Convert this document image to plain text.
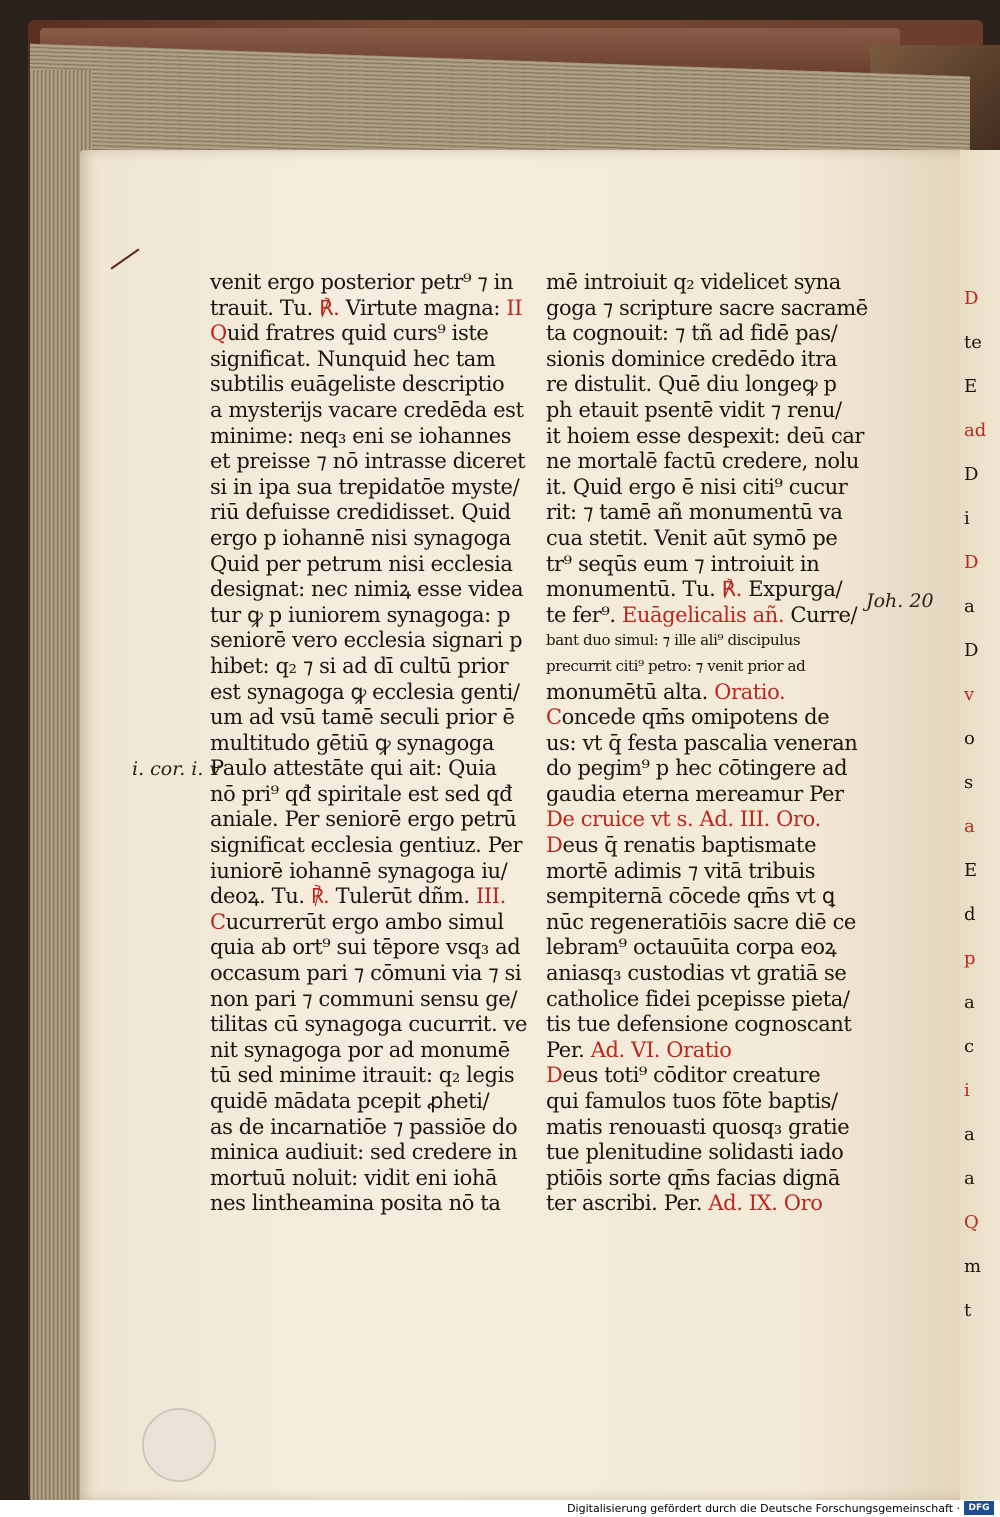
D
te
E
ad
D
i
D
a
D
v
o
s
a
E
d
p
a
c
i
a
a
Q
m
t
venit ergo posterior petr⁹ ⁊ in
trauit. Tu. ℟. Virtute magna: II
Quid fratres quid curs⁹ iste
significat. Nunquid hec tam
subtilis euāgeliste descriptio
a mysterijs vacare credēda est
minime: neq₃ eni se iohannes
et preisse ⁊ nō intrasse diceret
si in ipa sua trepidatōe myste/
riū defuisse credidisset. Quid
ergo p iohannē nisi synagoga
Quid per petrum nisi ecclesia
designat: nec nimiꝝ esse videa
tur ꝙ p iuniorem synagoga: p
seniorē vero ecclesia signari p
hibet: q₂ ⁊ si ad dī cultū prior
est synagoga ꝙ ecclesia genti/
um ad vsū tamē seculi prior ē
multitudo gētiū ꝙ synagoga
Paulo attestāte qui ait: Quia
nō pri⁹ qđ spiritale est sed qđ
aniale. Per seniorē ergo petrū
significat ecclesia gentiuz. Per
iuniorē iohannē synagoga iu/
deoꝝ. Tu. ℟. Tulerūt dñm. III.
Cucurrerūt ergo ambo simul
quia ab ort⁹ sui tēpore vsq₃ ad
occasum pari ⁊ cōmuni via ⁊ si
non pari ⁊ communi sensu ge/
tilitas cū synagoga cucurrit. ve
nit synagoga por ad monumē
tū sed minime itrauit: q₂ legis
quidē mādata pcepit ꝓheti/
as de incarnatiōe ⁊ passiōe do
minica audiuit: sed credere in
mortuū noluit: vidit eni iohā
nes lintheamina posita nō ta
mē introiuit q₂ videlicet syna
goga ⁊ scripture sacre sacramē
ta cognouit: ⁊ tñ ad fidē pas/
sionis dominice credēdo itra
re distulit. Quē diu longeꝙ p
ph etauit psentē vidit ⁊ renu/
it hoiem esse despexit: deū car
ne mortalē factū credere, nolu
it. Quid ergo ē nisi citi⁹ cucur
rit: ⁊ tamē añ monumentū va
cua stetit. Venit aūt symō pe
tr⁹ seqūs eum ⁊ introiuit in
monumentū. Tu. ℟. Expurga/
te fer⁹. Euāgelicalis añ. Curre/
bant duo simul: ⁊ ille ali⁹ discipulus
precurrit citi⁹ petro: ⁊ venit prior ad
monumētū alta. Oratio.
Concede qm̄s omipotens de
us: vt q̄ festa pascalia veneran
do pegim⁹ p hec cōtingere ad
gaudia eterna mereamur Per
De cruice vt s. Ad. III. Oro.
Deus q̄ renatis baptismate
mortē adimis ⁊ vitā tribuis
sempiternā cōcede qm̄s vt ꝗ
nūc regeneratiōis sacre diē ce
lebram⁹ octauūita corpa eoꝝ
aniasq₃ custodias vt gratiā se
catholice fidei pcepisse pieta/
tis tue defensione cognoscant
Per. Ad. VI. Oratio
Deus toti⁹ cōditor creature
qui famulos tuos fōte baptis/
matis renouasti quosq₃ gratie
tue plenitudine solidasti iado
ptiōis sorte qm̄s facias dignā
ter ascribi. Per. Ad. IX. Oro
i. cor. i. v
Joh. 20
Digitalisierung gefördert durch die Deutsche Forschungsgemeinschaft · DFG
